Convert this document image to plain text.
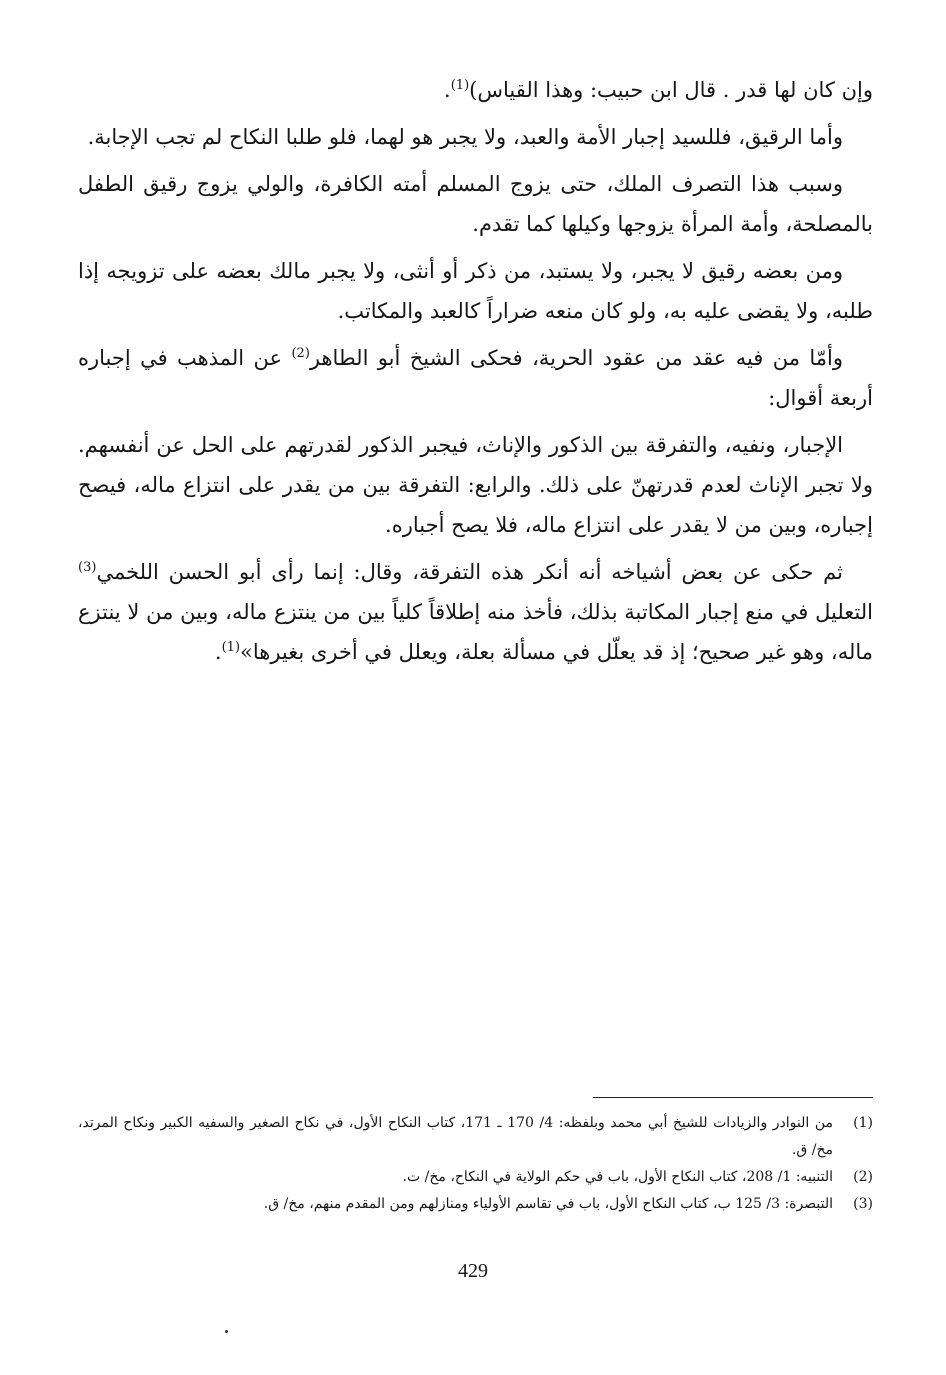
وإن كان لها قدر . قال ابن حبيب: وهذا القياس)$^{(1)}$.

وأما الرقيق، فللسيد إجبار الأمة والعبد، ولا يجبر هو لهما، فلو طلبا النكاح لم تجب الإجابة.

وسبب هذا التصرف الملك، حتى يزوج المسلم أمته الكافرة، والولي يزوج رقيق الطفل بالمصلحة، وأمة المرأة يزوجها وكيلها كما تقدم.

ومن بعضه رقيق لا يجبر، ولا يستبد، من ذكر أو أنثى، ولا يجبر مالك بعضه على تزويجه إذا طلبه، ولا يقضى عليه به، ولو كان منعه ضراراً كالعبد والمكاتب.

وأمّا من فيه عقد من عقود الحرية، فحكى الشيخ أبو الطاهر$^{(2)}$ عن المذهب في إجباره أربعة أقوال:

الإجبار، ونفيه، والتفرقة بين الذكور والإناث، فيجبر الذكور لقدرتهم على الحل عن أنفسهم. ولا تجبر الإناث لعدم قدرتهنّ على ذلك. والرابع: التفرقة بين من يقدر على انتزاع ماله، فيصح إجباره، وبين من لا يقدر على انتزاع ماله، فلا يصح أجباره.

ثم حكى عن بعض أشياخه أنه أنكر هذه التفرقة، وقال: إنما رأى أبو الحسن اللخمي$^{(3)}$ التعليل في منع إجبار المكاتبة بذلك، فأخذ منه إطلاقاً كلياً بين من ينتزع ماله، وبين من لا ينتزع ماله، وهو غير صحيح؛ إذ قد يعلّل في مسألة بعلة، ويعلل في أخرى بغيرها»$^{(1)}$.

(1)
من النوادر والزيادات للشيخ أبي محمد وبلفظه: 4/ 170 ـ 171، كتاب النكاح الأول، في نكاح الصغير والسفيه الكبير ونكاح المرتد، مخ/ ق.
(2)
التنبيه: 1/ 208، كتاب النكاح الأول، باب في حكم الولاية في النكاح، مخ/ ت.
(3)
التبصرة: 3/ 125 ب، كتاب النكاح الأول، باب في تقاسم الأولياء ومنازلهم ومن المقدم منهم، مخ/ ق.
429
